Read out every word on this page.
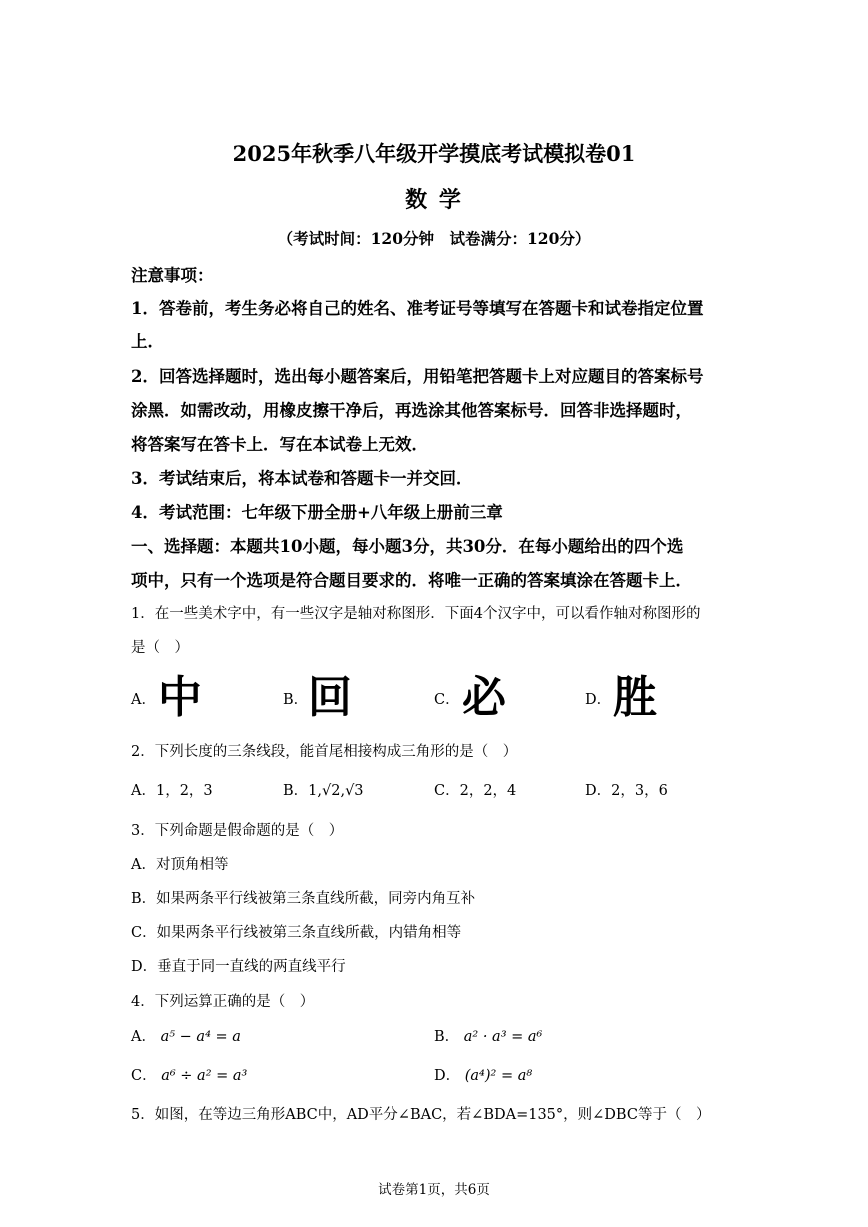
2025年秋季八年级开学摸底考试模拟卷01
数 学
（考试时间：120分钟　试卷满分：120分）
注意事项：
1．答卷前，考生务必将自己的姓名、准考证号等填写在答题卡和试卷指定位置
上．
2．回答选择题时，选出每小题答案后，用铅笔把答题卡上对应题目的答案标号
涂黑．如需改动，用橡皮擦干净后，再选涂其他答案标号．回答非选择题时，
将答案写在答卡上．写在本试卷上无效．
3．考试结束后，将本试卷和答题卡一并交回．
4．考试范围：七年级下册全册+八年级上册前三章
一、选择题：本题共10小题，每小题3分，共30分．在每小题给出的四个选
项中，只有一个选项是符合题目要求的．将唯一正确的答案填涂在答题卡上．
1．在一些美术字中，有一些汉字是轴对称图形．下面4个汉字中，可以看作轴对称图形的
是（　）
A． 中	B． 回	C． 必	D． 胜
2．下列长度的三条线段，能首尾相接构成三角形的是（　）
A．1，2，3	B．1,√2,√3	C．2，2，4	D．2，3，6
3．下列命题是假命题的是（　）
A．对顶角相等
B．如果两条平行线被第三条直线所截，同旁内角互补
C．如果两条平行线被第三条直线所截，内错角相等
D．垂直于同一直线的两直线平行
4．下列运算正确的是（　）
A． a⁵ − a⁴ = a	B． a² · a³ = a⁶
C． a⁶ ÷ a² = a³	D． (a⁴)² = a⁸
5．如图，在等边三角形ABC中，AD平分∠BAC，若∠BDA=135°，则∠DBC等于（　）
试卷第1页，共6页
